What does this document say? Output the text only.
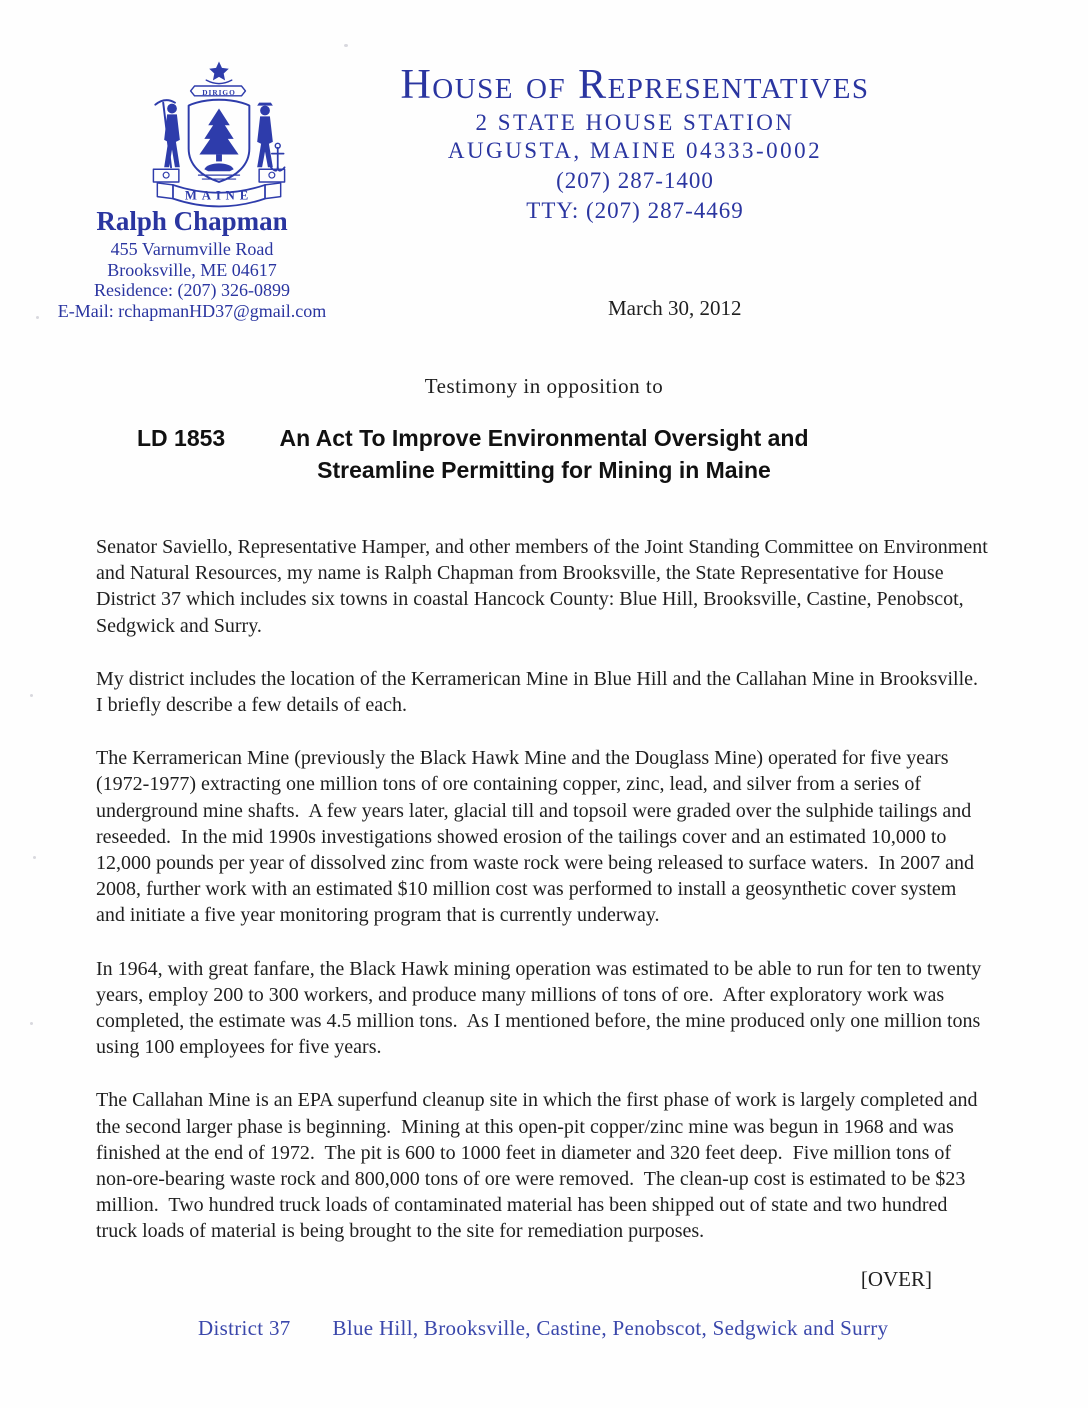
DIRIGO
MAINE
Ralph Chapman
455 Varnumville Road
Brooksville, ME 04617
Residence: (207) 326-0899
E-Mail: rchapmanHD37@gmail.com
House of Representatives
2 STATE HOUSE STATION
AUGUSTA, MAINE 04333-0002
(207) 287-1400
TTY: (207) 287-4469
March 30, 2012
Testimony in opposition to
LD 1853	An Act To Improve Environmental Oversight and
Streamline Permitting for Mining in Maine

Senator Saviello, Representative Hamper, and other members of the Joint Standing Committee on Environment and Natural Resources, my name is Ralph Chapman from Brooksville, the State Representative for House District 37 which includes six towns in coastal Hancock County: Blue Hill, Brooksville, Castine, Penobscot, Sedgwick and Surry.

My district includes the location of the Kerramerican Mine in Blue Hill and the Callahan Mine in Brooksville.  I briefly describe a few details of each.

The Kerramerican Mine (previously the Black Hawk Mine and the Douglass Mine) operated for five years (1972-1977) extracting one million tons of ore containing copper, zinc, lead, and silver from a series of underground mine shafts.  A few years later, glacial till and topsoil were graded over the sulphide tailings and reseeded.  In the mid 1990s investigations showed erosion of the tailings cover and an estimated 10,000 to 12,000 pounds per year of dissolved zinc from waste rock were being released to surface waters.  In 2007 and 2008, further work with an estimated $10 million cost was performed to install a geosynthetic cover system and initiate a five year monitoring program that is currently underway.

In 1964, with great fanfare, the Black Hawk mining operation was estimated to be able to run for ten to twenty years, employ 200 to 300 workers, and produce many millions of tons of ore.  After exploratory work was completed, the estimate was 4.5 million tons.  As I mentioned before, the mine produced only one million tons using 100 employees for five years.

The Callahan Mine is an EPA superfund cleanup site in which the first phase of work is largely completed and the second larger phase is beginning.  Mining at this open-pit copper/zinc mine was begun in 1968 and was finished at the end of 1972.  The pit is 600 to 1000 feet in diameter and 320 feet deep.  Five million tons of non-ore-bearing waste rock and 800,000 tons of ore were removed.  The clean-up cost is estimated to be $23 million.  Two hundred truck loads of contaminated material has been shipped out of state and two hundred truck loads of material is being brought to the site for remediation purposes.

[OVER]
District 37 Blue Hill, Brooksville, Castine, Penobscot, Sedgwick and Surry
